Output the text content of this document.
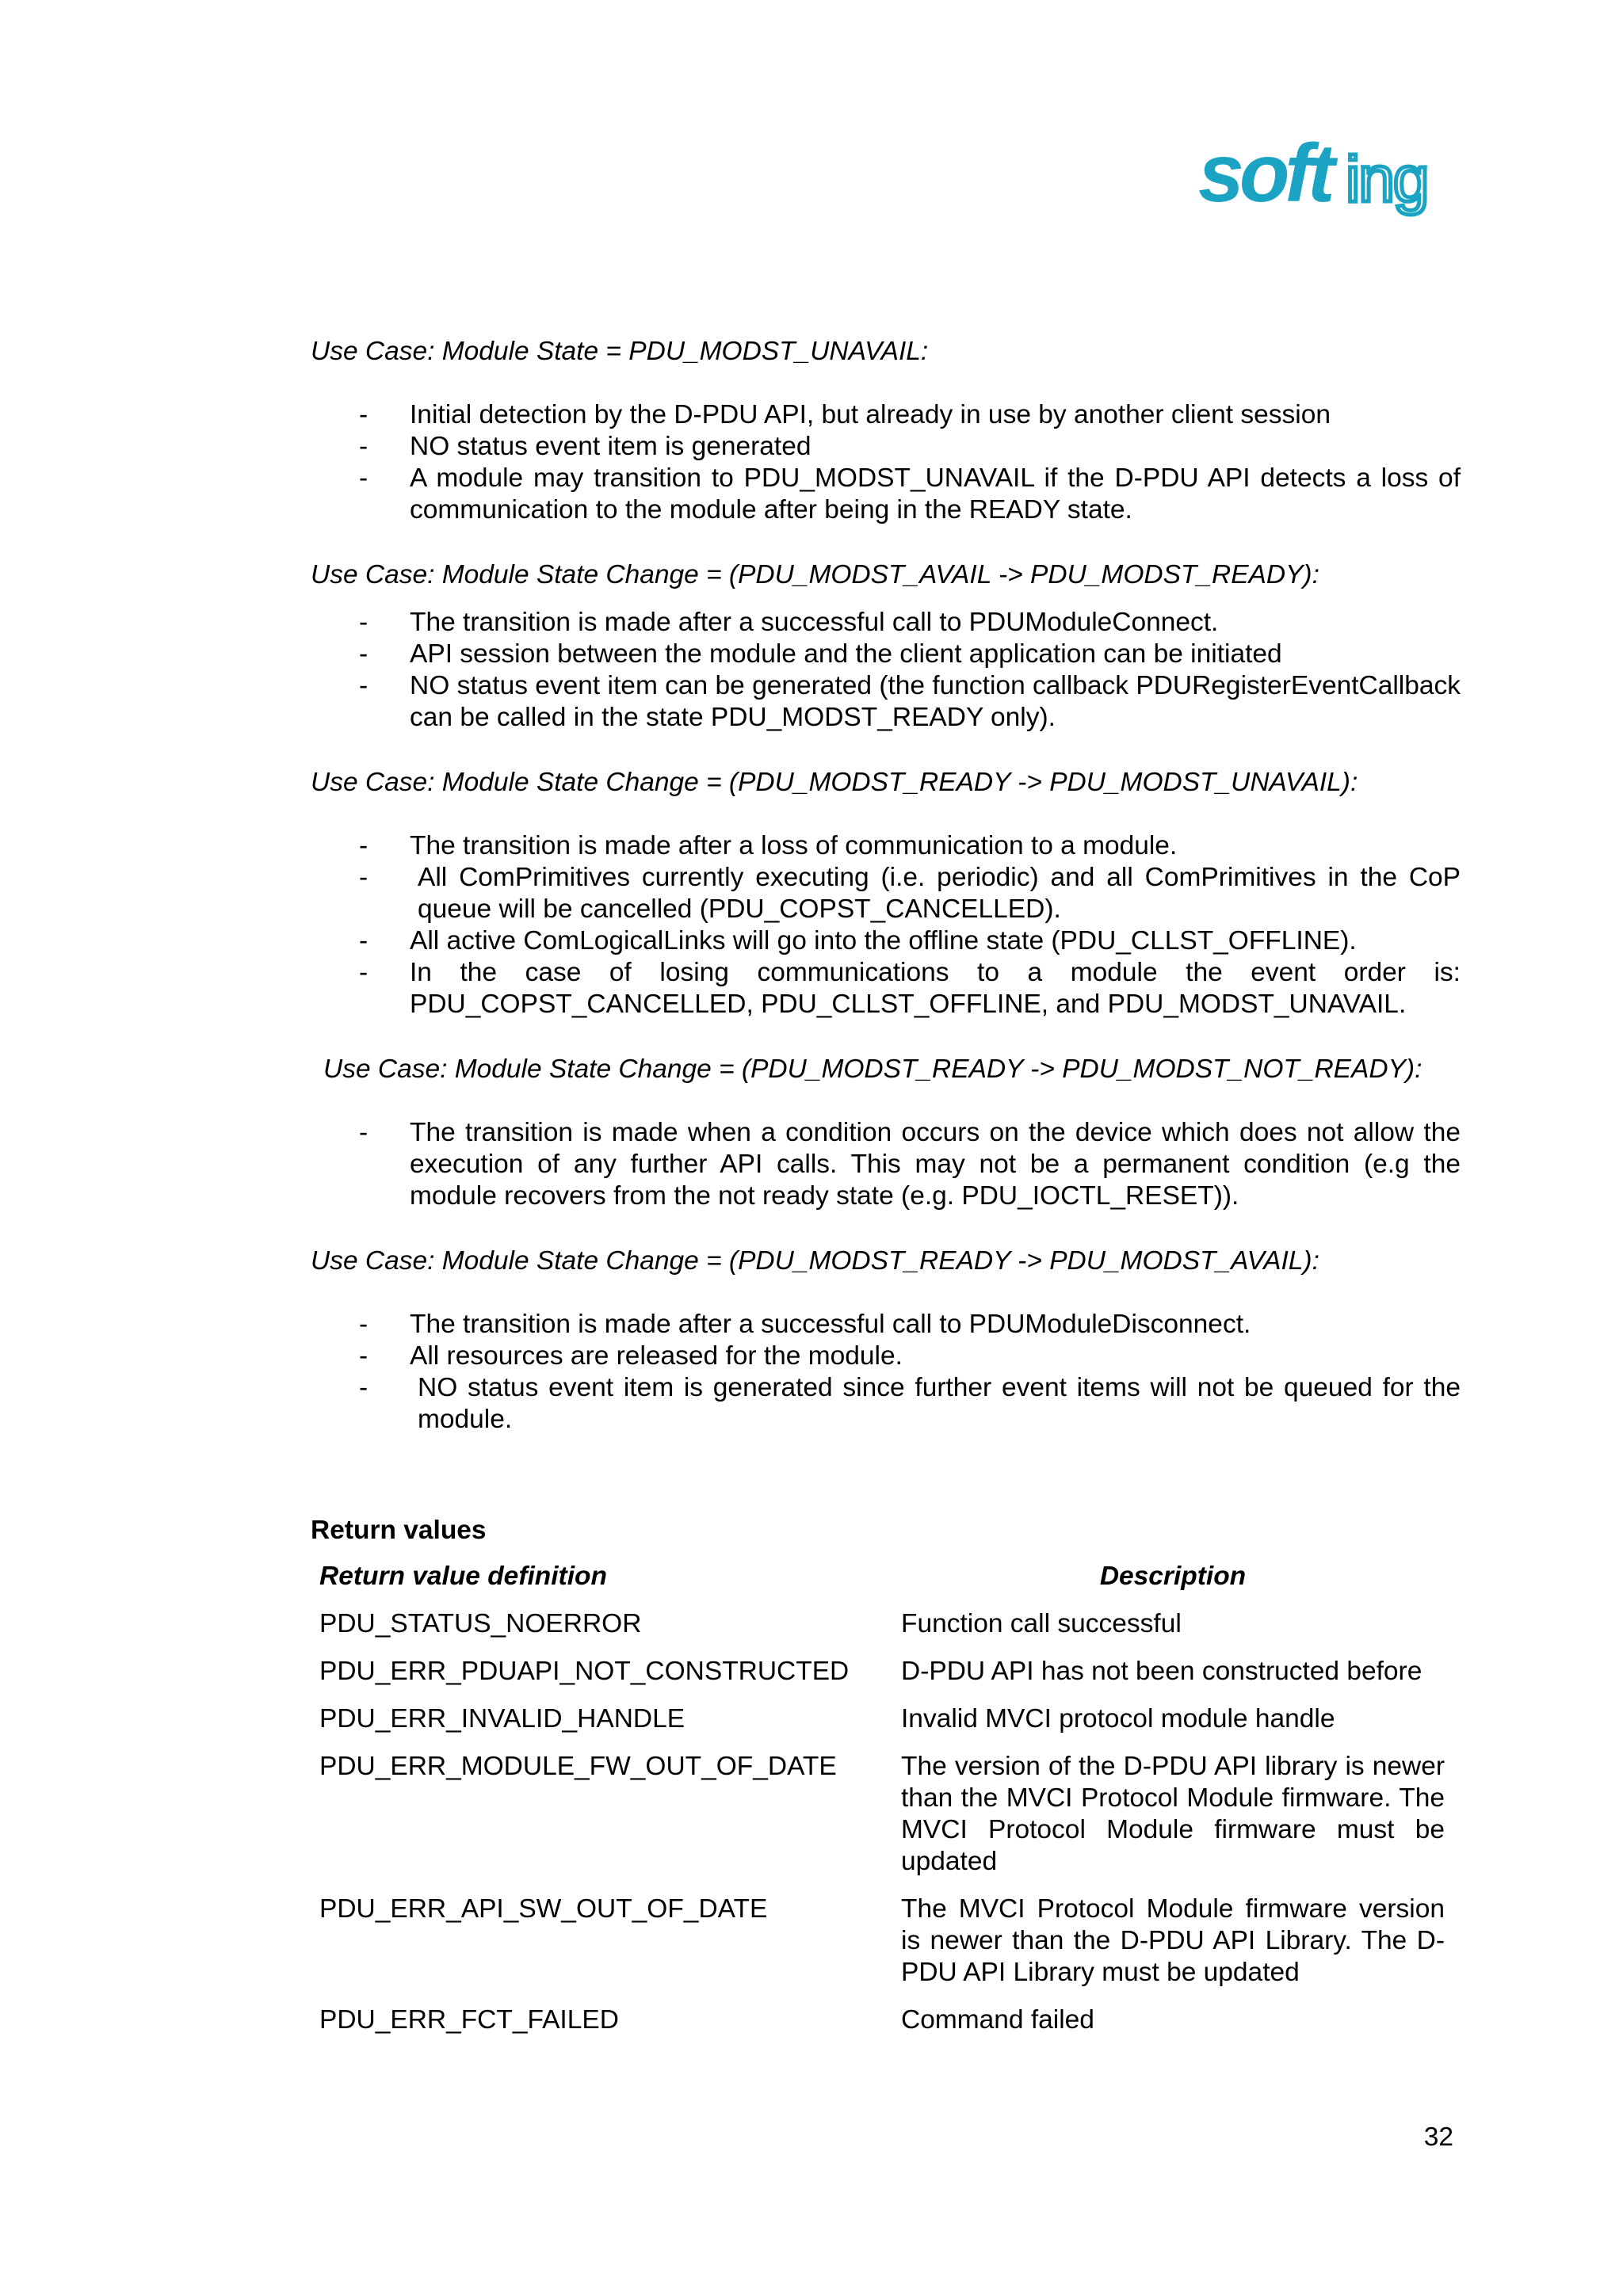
soft ing
Use Case: Module State = PDU_MODST_UNAVAIL:
-	Initial detection by the D-PDU API, but already in use by another client session
-	NO status event item is generated
-	A module may transition to PDU_MODST_UNAVAIL if the D-PDU API detects a loss of communication to the module after being in the READY state.
Use Case: Module State Change = (PDU_MODST_AVAIL -> PDU_MODST_READY):
-	The transition is made after a successful call to PDUModuleConnect.
-	API session between the module and the client application can be initiated
-	NO status event item can be generated (the function callback PDURegisterEventCallback can be called in the state PDU_MODST_READY only).
Use Case: Module State Change = (PDU_MODST_READY -> PDU_MODST_UNAVAIL):
-	The transition is made after a loss of communication to a module.
-	All ComPrimitives currently executing (i.e. periodic) and all ComPrimitives in the CoP queue will be cancelled (PDU_COPST_CANCELLED).
-	All active ComLogicalLinks will go into the offline state (PDU_CLLST_OFFLINE).
-	In the case of losing communications to a module the event order is: PDU_COPST_CANCELLED, PDU_CLLST_OFFLINE, and PDU_MODST_UNAVAIL.
Use Case: Module State Change = (PDU_MODST_READY -> PDU_MODST_NOT_READY):
-	The transition is made when a condition occurs on the device which does not allow the execution of any further API calls. This may not be a permanent condition (e.g the module recovers from the not ready state (e.g. PDU_IOCTL_RESET)).
Use Case: Module State Change = (PDU_MODST_READY -> PDU_MODST_AVAIL):
-	The transition is made after a successful call to PDUModuleDisconnect.
-	All resources are released for the module.
-	NO status event item is generated since further event items will not be queued for the module.
Return values
Return value definition	Description
PDU_STATUS_NOERROR	Function call successful
PDU_ERR_PDUAPI_NOT_CONSTRUCTED	D-PDU API has not been constructed before
PDU_ERR_INVALID_HANDLE	Invalid MVCI protocol module handle
PDU_ERR_MODULE_FW_OUT_OF_DATE	The version of the D-PDU API library is newer than the MVCI Protocol Module firmware. The MVCI Protocol Module firmware must be updated
PDU_ERR_API_SW_OUT_OF_DATE	The MVCI Protocol Module firmware version is newer than the D-PDU API Library. The D-PDU API Library must be updated
PDU_ERR_FCT_FAILED	Command failed
32
